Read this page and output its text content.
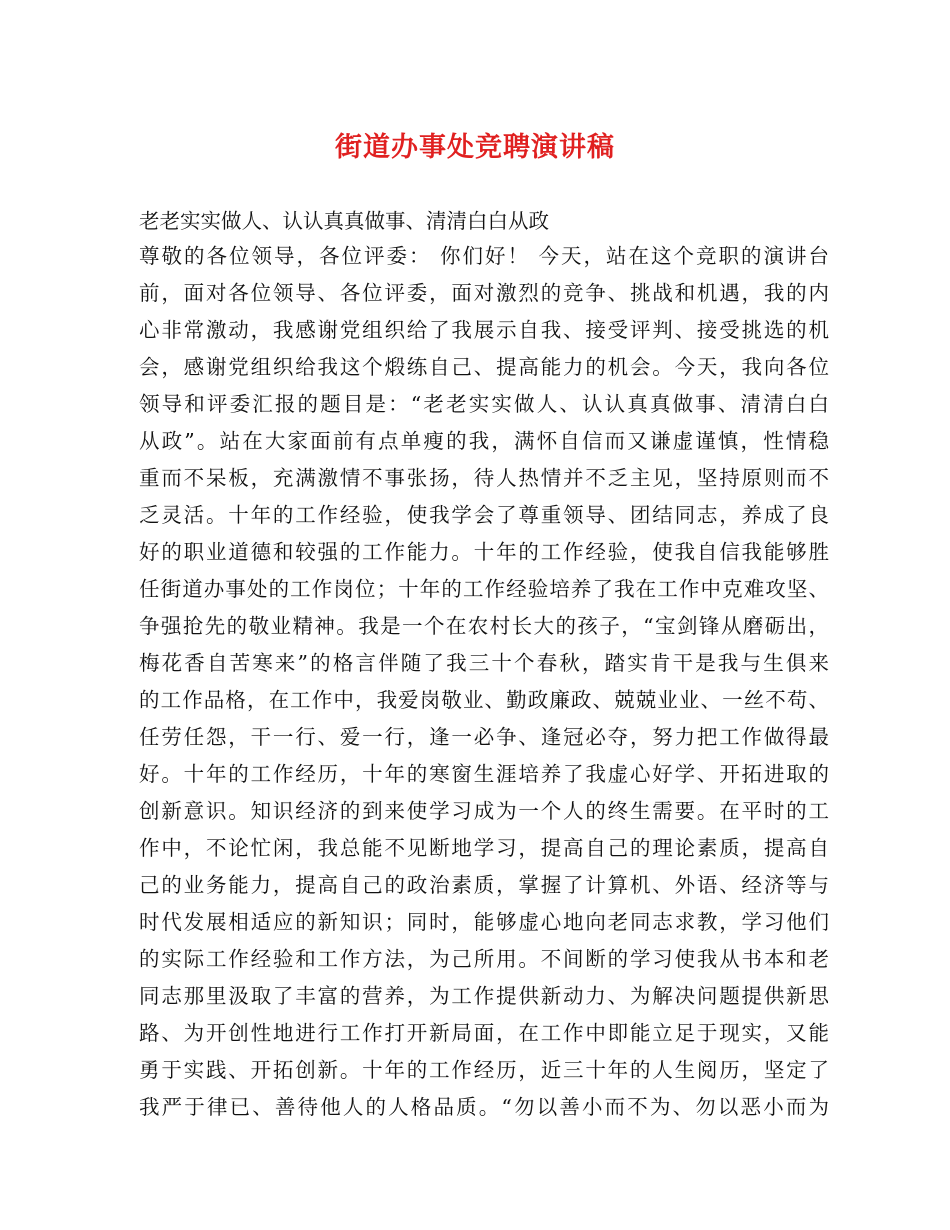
街道办事处竞聘演讲稿
老老实实做人、认认真真做事、清清白白从政
尊敬的各位领导，各位评委： 你们好！ 今天，站在这个竞职的演讲台
前，面对各位领导、各位评委，面对激烈的竞争、挑战和机遇，我的内
心非常激动，我感谢党组织给了我展示自我、接受评判、接受挑选的机
会，感谢党组织给我这个煅练自己、提高能力的机会。今天，我向各位
领导和评委汇报的题目是：“老老实实做人、认认真真做事、清清白白
从政”。站在大家面前有点单瘦的我，满怀自信而又谦虚谨慎，性情稳
重而不呆板，充满激情不事张扬，待人热情并不乏主见，坚持原则而不
乏灵活。十年的工作经验，使我学会了尊重领导、团结同志，养成了良
好的职业道德和较强的工作能力。十年的工作经验，使我自信我能够胜
任街道办事处的工作岗位；十年的工作经验培养了我在工作中克难攻坚、
争强抢先的敬业精神。我是一个在农村长大的孩子，“宝剑锋从磨砺出，
梅花香自苦寒来”的格言伴随了我三十个春秋，踏实肯干是我与生俱来
的工作品格，在工作中，我爱岗敬业、勤政廉政、兢兢业业、一丝不苟、
任劳任怨，干一行、爱一行，逢一必争、逢冠必夺，努力把工作做得最
好。十年的工作经历，十年的寒窗生涯培养了我虚心好学、开拓进取的
创新意识。知识经济的到来使学习成为一个人的终生需要。在平时的工
作中，不论忙闲，我总能不见断地学习，提高自己的理论素质，提高自
己的业务能力，提高自己的政治素质，掌握了计算机、外语、经济等与
时代发展相适应的新知识；同时，能够虚心地向老同志求教，学习他们
的实际工作经验和工作方法，为己所用。不间断的学习使我从书本和老
同志那里汲取了丰富的营养，为工作提供新动力、为解决问题提供新思
路、为开创性地进行工作打开新局面，在工作中即能立足于现实，又能
勇于实践、开拓创新。十年的工作经历，近三十年的人生阅历，坚定了
我严于律已、善待他人的人格品质。“勿以善小而不为、勿以恶小而为
